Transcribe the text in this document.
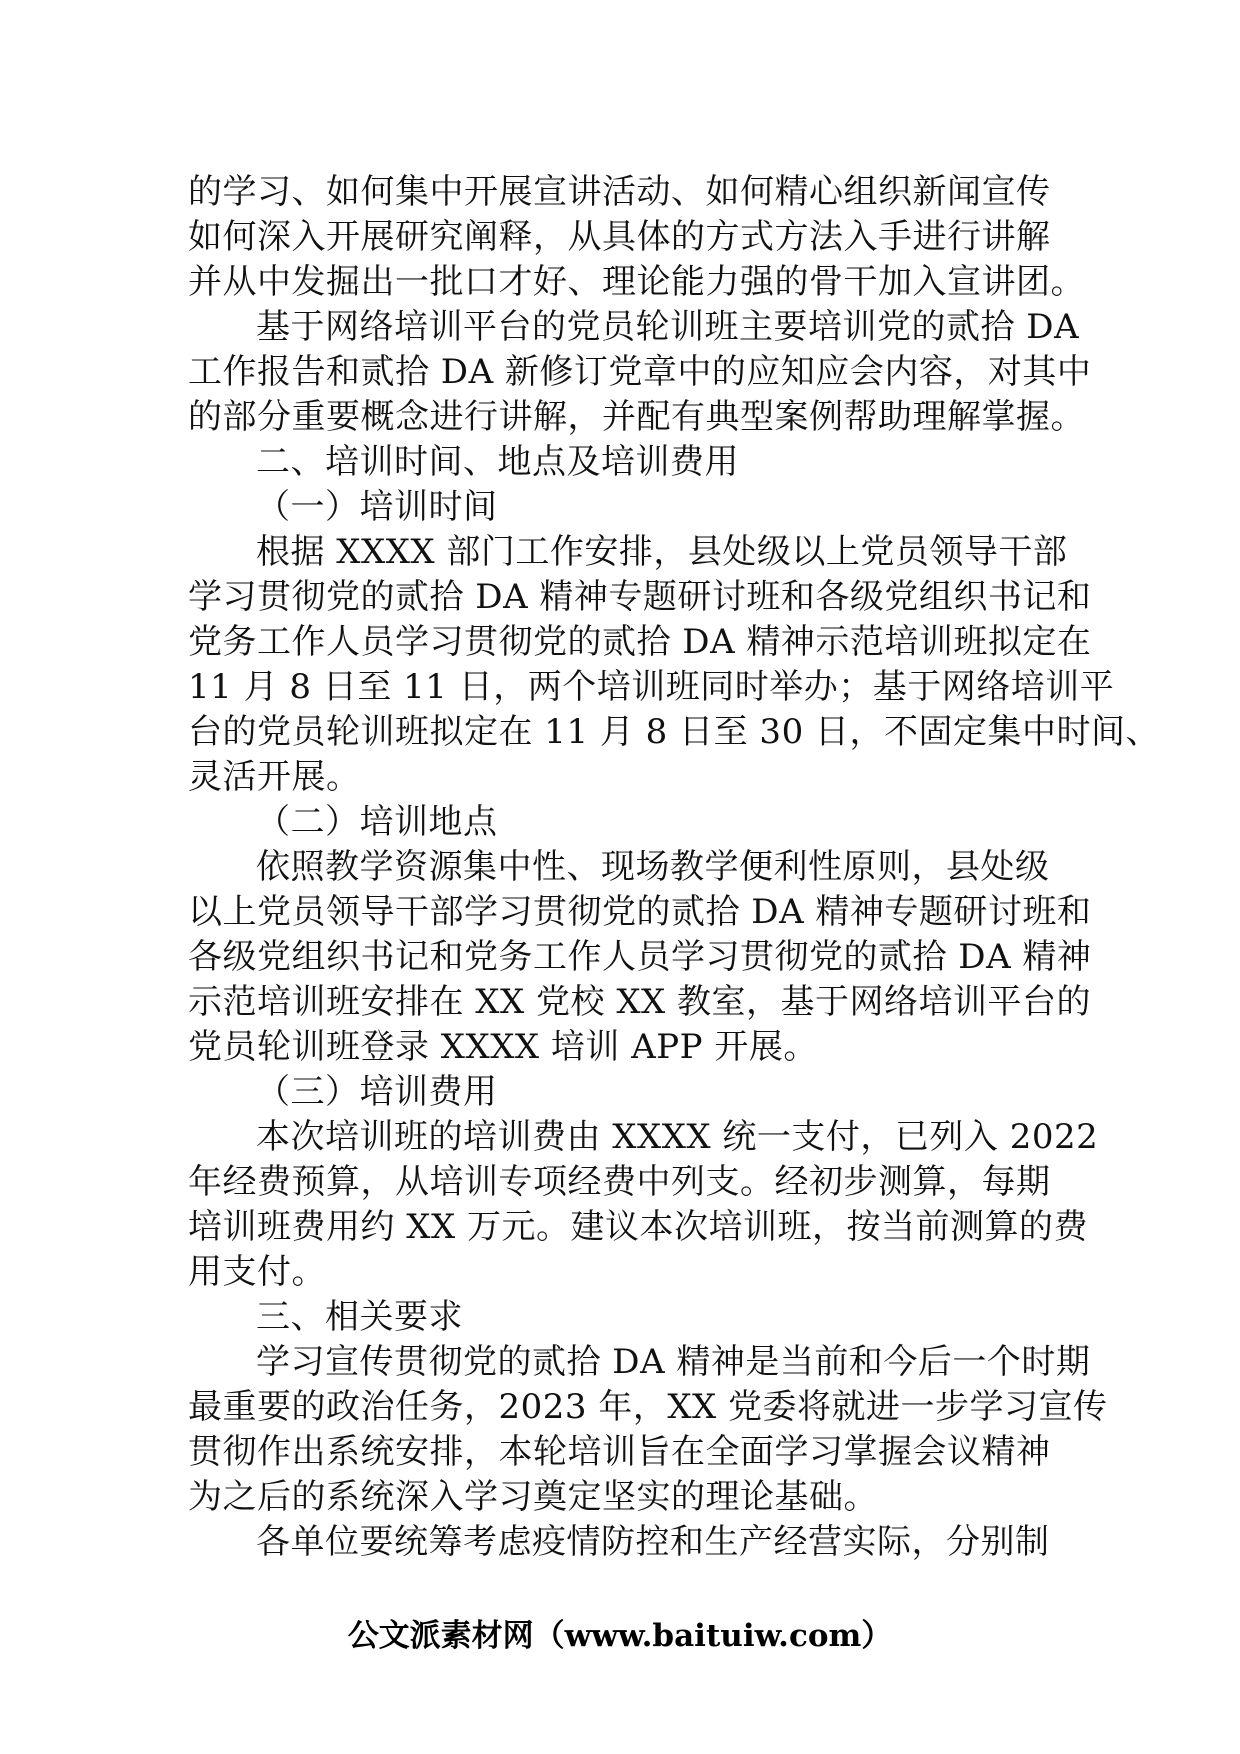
的学习、如何集中开展宣讲活动、如何精心组织新闻宣传
如何深入开展研究阐释，从具体的方式方法入手进行讲解
并从中发掘出一批口才好、理论能力强的骨干加入宣讲团。
基于网络培训平台的党员轮训班主要培训党的贰拾 DA
工作报告和贰拾 DA 新修订党章中的应知应会内容，对其中
的部分重要概念进行讲解，并配有典型案例帮助理解掌握。
二、培训时间、地点及培训费用
（一）培训时间
根据 XXXX 部门工作安排，县处级以上党员领导干部
学习贯彻党的贰拾 DA 精神专题研讨班和各级党组织书记和
党务工作人员学习贯彻党的贰拾 DA 精神示范培训班拟定在
11 月 8 日至 11 日，两个培训班同时举办；基于网络培训平
台的党员轮训班拟定在 11 月 8 日至 30 日，不固定集中时间、
灵活开展。
（二）培训地点
依照教学资源集中性、现场教学便利性原则，县处级
以上党员领导干部学习贯彻党的贰拾 DA 精神专题研讨班和
各级党组织书记和党务工作人员学习贯彻党的贰拾 DA 精神
示范培训班安排在 XX 党校 XX 教室，基于网络培训平台的
党员轮训班登录 XXXX 培训 APP 开展。
（三）培训费用
本次培训班的培训费由 XXXX 统一支付，已列入 2022
年经费预算，从培训专项经费中列支。经初步测算，每期
培训班费用约 XX 万元。建议本次培训班，按当前测算的费
用支付。
三、相关要求
学习宣传贯彻党的贰拾 DA 精神是当前和今后一个时期
最重要的政治任务，2023 年，XX 党委将就进一步学习宣传
贯彻作出系统安排，本轮培训旨在全面学习掌握会议精神
为之后的系统深入学习奠定坚实的理论基础。
各单位要统筹考虑疫情防控和生产经营实际，分别制
公文派素材网（www.baituiw.com）
